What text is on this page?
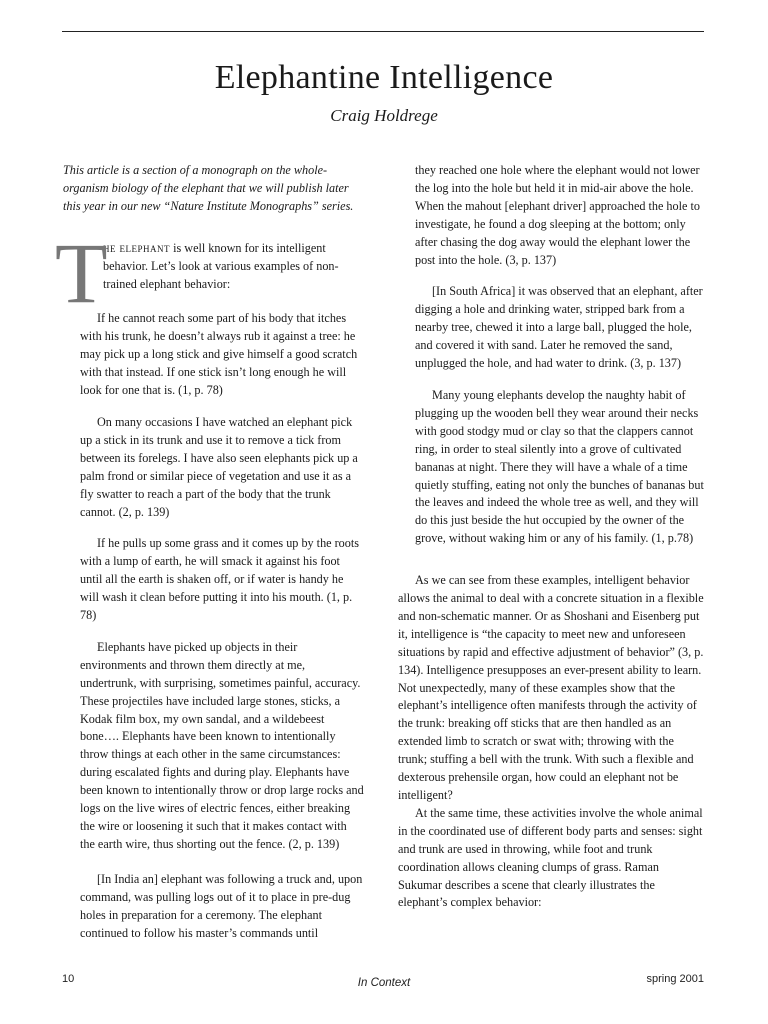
Elephantine Intelligence
Craig Holdrege

This article is a section of a monograph on the whole-organism biology of the elephant that we will publish later this year in our new “Nature Institute Monographs” series.

T

he elephant is well known for its intelligent behavior. Let’s look at various examples of non-trained elephant behavior:

If he cannot reach some part of his body that itches with his trunk, he doesn’t always rub it against a tree: he may pick up a long stick and give himself a good scratch with that instead. If one stick isn’t long enough he will look for one that is. (1, p. 78)

On many occasions I have watched an elephant pick up a stick in its trunk and use it to remove a tick from between its forelegs. I have also seen elephants pick up a palm frond or similar piece of vegetation and use it as a fly swatter to reach a part of the body that the trunk cannot. (2, p. 139)

If he pulls up some grass and it comes up by the roots with a lump of earth, he will smack it against his foot until all the earth is shaken off, or if water is handy he will wash it clean before putting it into his mouth. (1, p. 78)

Elephants have picked up objects in their environments and thrown them directly at me, undertrunk, with surprising, sometimes painful, accuracy. These projectiles have included large stones, sticks, a Kodak film box, my own sandal, and a wildebeest bone…. Elephants have been known to intentionally throw things at each other in the same circumstances: during escalated fights and during play. Elephants have been known to intentionally throw or drop large rocks and logs on the live wires of electric fences, either breaking the wire or loosening it such that it makes contact with the earth wire, thus shorting out the fence. (2, p. 139)

[In India an] elephant was following a truck and, upon command, was pulling logs out of it to place in pre-dug holes in preparation for a ceremony. The elephant continued to follow his master’s commands until

they reached one hole where the elephant would not lower the log into the hole but held it in mid-air above the hole. When the mahout [elephant driver] approached the hole to investigate, he found a dog sleeping at the bottom; only after chasing the dog away would the elephant lower the post into the hole. (3, p. 137)

[In South Africa] it was observed that an elephant, after digging a hole and drinking water, stripped bark from a nearby tree, chewed it into a large ball, plugged the hole, and covered it with sand. Later he removed the sand, unplugged the hole, and had water to drink. (3, p. 137)

Many young elephants develop the naughty habit of plugging up the wooden bell they wear around their necks with good stodgy mud or clay so that the clappers cannot ring, in order to steal silently into a grove of cultivated bananas at night. There they will have a whale of a time quietly stuffing, eating not only the bunches of bananas but the leaves and indeed the whole tree as well, and they will do this just beside the hut occupied by the owner of the grove, without waking him or any of his family. (1, p.78)

As we can see from these examples, intelligent behavior allows the animal to deal with a concrete situation in a flexible and non-schematic manner. Or as Shoshani and Eisenberg put it, intelligence is “the capacity to meet new and unforeseen situations by rapid and effective adjustment of behavior” (3, p. 134). Intelligence presupposes an ever-present ability to learn. Not unexpectedly, many of these examples show that the elephant’s intelligence often manifests through the activity of the trunk: breaking off sticks that are then handled as an extended limb to scratch or swat with; throwing with the trunk; stuffing a bell with the trunk. With such a flexible and dexterous prehensile organ, how could an elephant not be intelligent?

At the same time, these activities involve the whole animal in the coordinated use of different body parts and senses: sight and trunk are used in throwing, while foot and trunk coordination allows cleaning clumps of grass. Raman Sukumar describes a scene that clearly illustrates the elephant’s complex behavior:

10	In Context	spring 2001
